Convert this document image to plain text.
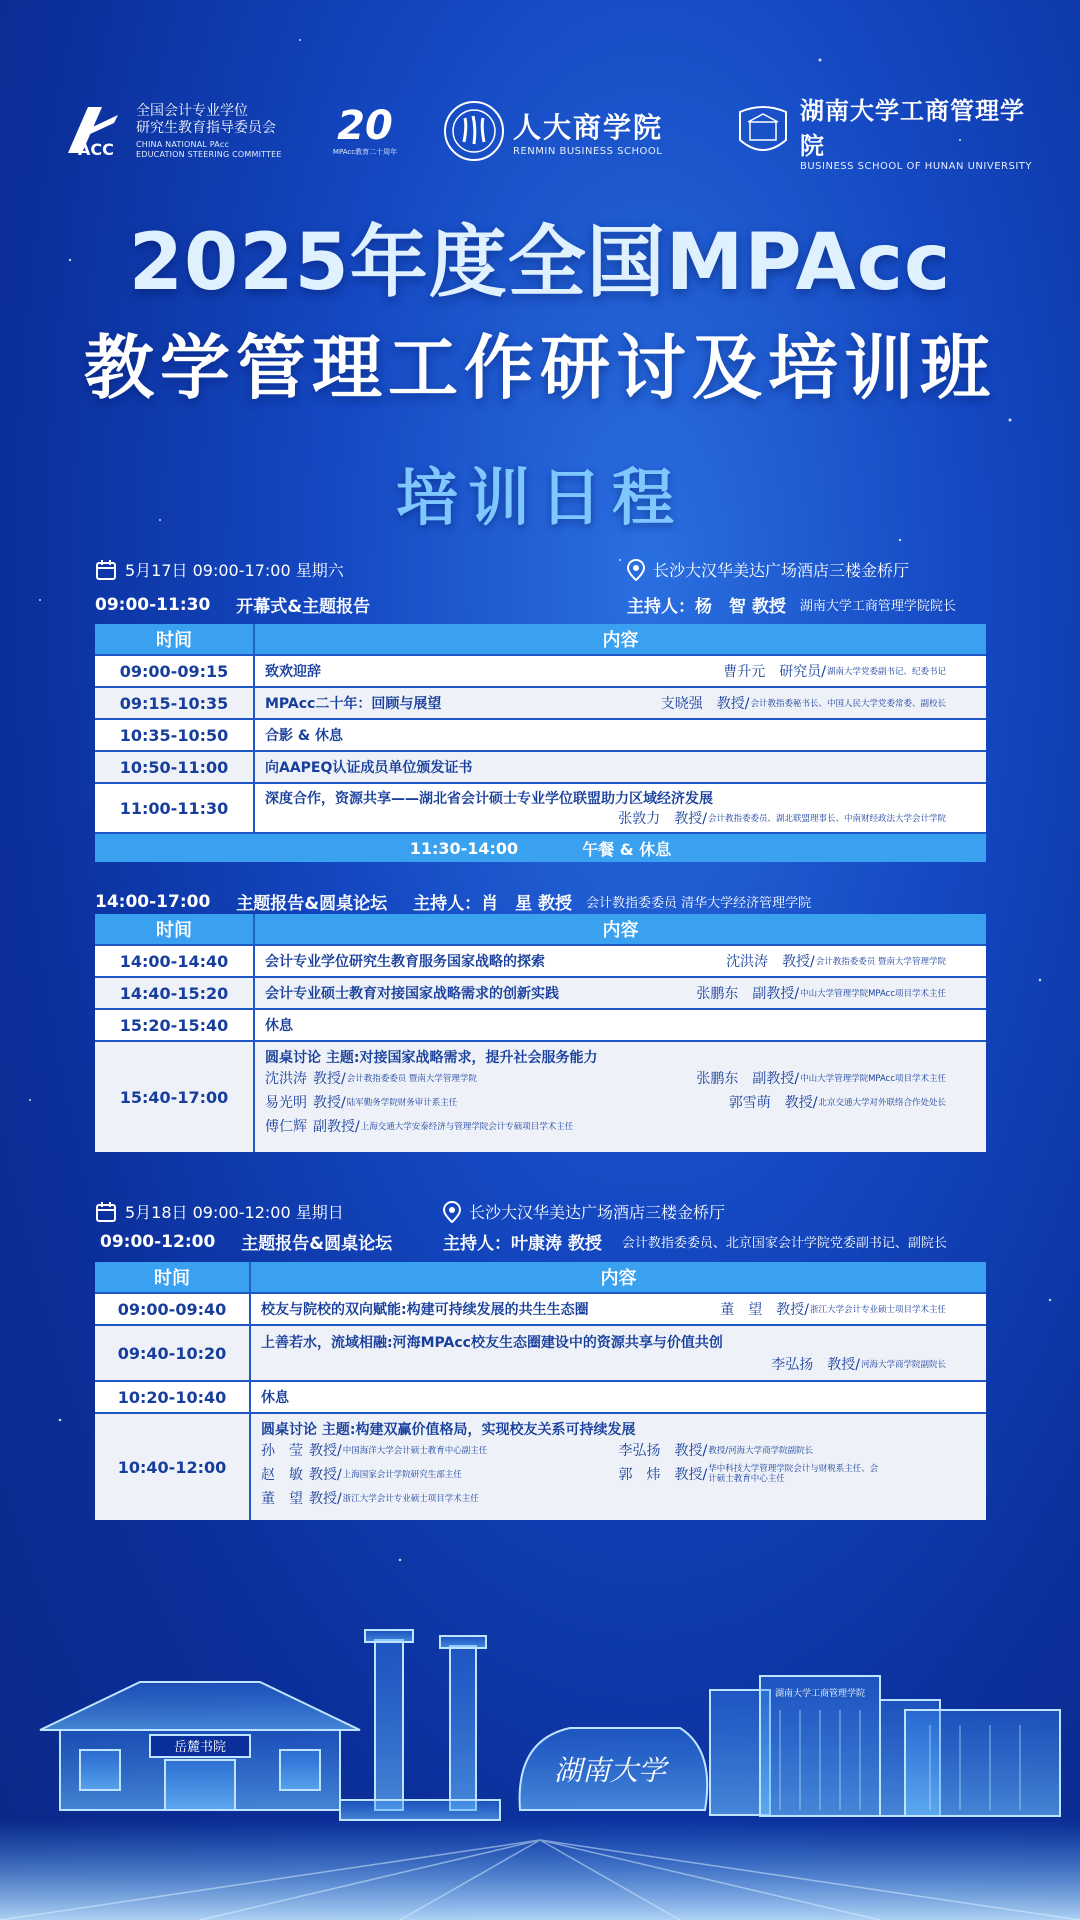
全国会计专业学位
研究生教育指导委员会
CHINA NATIONAL PAcc
EDUCATION STEERING COMMITTEE
ACC
20
MPAcc教育二十周年
人大商学院
RENMIN BUSINESS SCHOOL
湖南大学工商管理学院
BUSINESS SCHOOL OF HUNAN UNIVERSITY
2025年度全国MPAcc
教学管理工作研讨及培训班
培训日程
5月17日 09:00-17:00 星期六	长沙大汉华美达广场酒店三楼金桥厅
09:00-11:30 开幕式&主题报告	主持人：杨　智 教授 湖南大学工商管理学院院长
时间	内容
09:00-09:15	致欢迎辞	曹升元 研究员/ 湖南大学党委副书记、纪委书记
09:15-10:35	MPAcc二十年：回顾与展望	支晓强 教授/ 会计教指委秘书长、中国人民大学党委常委、副校长
10:35-10:50	合影 & 休息
10:50-11:00	向AAPEQ认证成员单位颁发证书
11:00-11:30	深度合作，资源共享——湖北省会计硕士专业学位联盟助力区域经济发展
张敦力 教授/ 会计教指委委员、湖北联盟理事长、中南财经政法大学会计学院
11:30-14:00	午餐 & 休息
14:00-17:00 主题报告&圆桌论坛 主持人：肖　星 教授 会计教指委委员 清华大学经济管理学院
时间	内容
14:00-14:40	会计专业学位研究生教育服务国家战略的探索	沈洪涛 教授/ 会计教指委委员 暨南大学管理学院
14:40-15:20	会计专业硕士教育对接国家战略需求的创新实践	张鹏东 副教授/ 中山大学管理学院MPAcc项目学术主任
15:20-15:40	休息
15:40-17:00
圆桌讨论 主题:对接国家战略需求，提升社会服务能力
沈洪涛 教授/ 会计教指委委员 暨南大学管理学院	张鹏东 副教授/ 中山大学管理学院MPAcc项目学术主任
易光明 教授/ 陆军勤务学院财务审计系主任	郭雪萌 教授/ 北京交通大学对外联络合作处处长
傅仁辉 副教授/ 上海交通大学安泰经济与管理学院会计专硕项目学术主任
5月18日 09:00-12:00 星期日	长沙大汉华美达广场酒店三楼金桥厅
09:00-12:00 主题报告&圆桌论坛	主持人：叶康涛 教授 会计教指委委员、北京国家会计学院党委副书记、副院长
时间	内容
09:00-09:40	校友与院校的双向赋能:构建可持续发展的共生生态圈	董　望 教授/ 浙江大学会计专业硕士项目学术主任
09:40-10:20
上善若水，流域相融:河海MPAcc校友生态圈建设中的资源共享与价值共创
李弘扬 教授/ 河海大学商学院副院长
10:20-10:40	休息
10:40-12:00
圆桌讨论 主题:构建双赢价值格局，实现校友关系可持续发展
孙　莹 教授/ 中国海洋大学会计硕士教育中心副主任	李弘扬 教授/ 教授/河海大学商学院副院长
赵　敏 教授/ 上海国家会计学院研究生部主任	郭　炜 教授/ 华中科技大学管理学院会计与财税系主任、会计硕士教育中心主任
董　望 教授/ 浙江大学会计专业硕士项目学术主任
岳麓书院
湖南大学
湖南大学工商管理学院
